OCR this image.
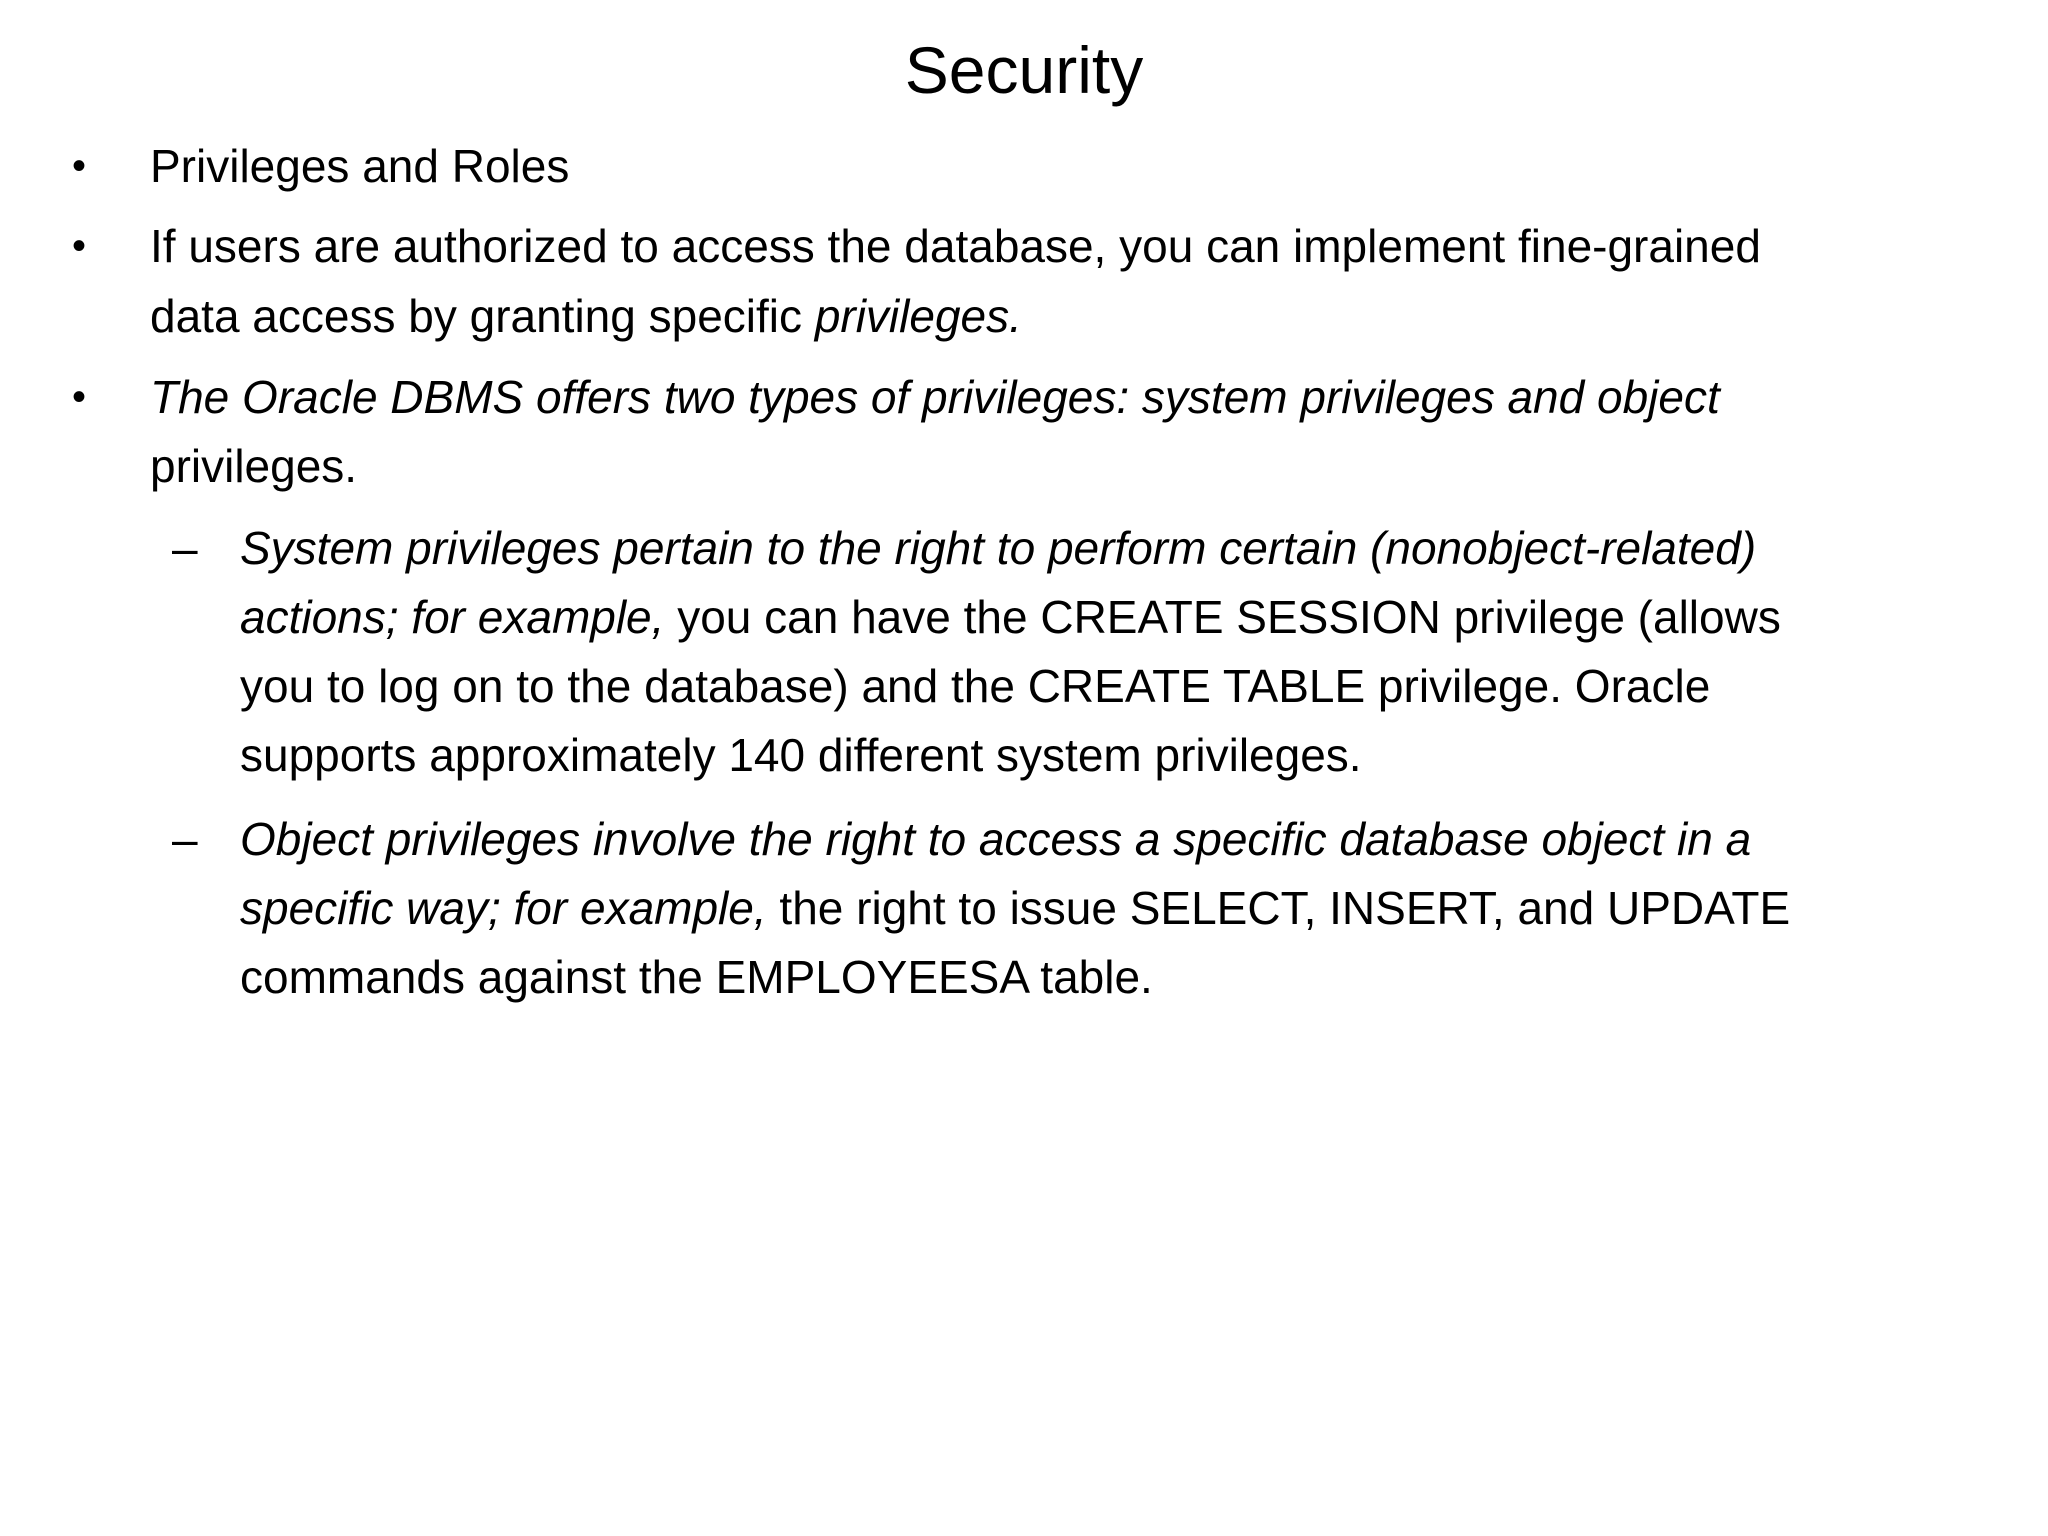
Security
• Privileges and Roles
• If users are authorized to access the database, you can implement fine-grained
data access by granting specific privileges.
• The Oracle DBMS offers two types of privileges: system privileges and object
privileges.
– System privileges pertain to the right to perform certain (nonobject-related)
actions; for example, you can have the CREATE SESSION privilege (allows
you to log on to the database) and the CREATE TABLE privilege. Oracle
supports approximately 140 different system privileges.
– Object privileges involve the right to access a specific database object in a
specific way; for example, the right to issue SELECT, INSERT, and UPDATE
commands against the EMPLOYEESA table.
